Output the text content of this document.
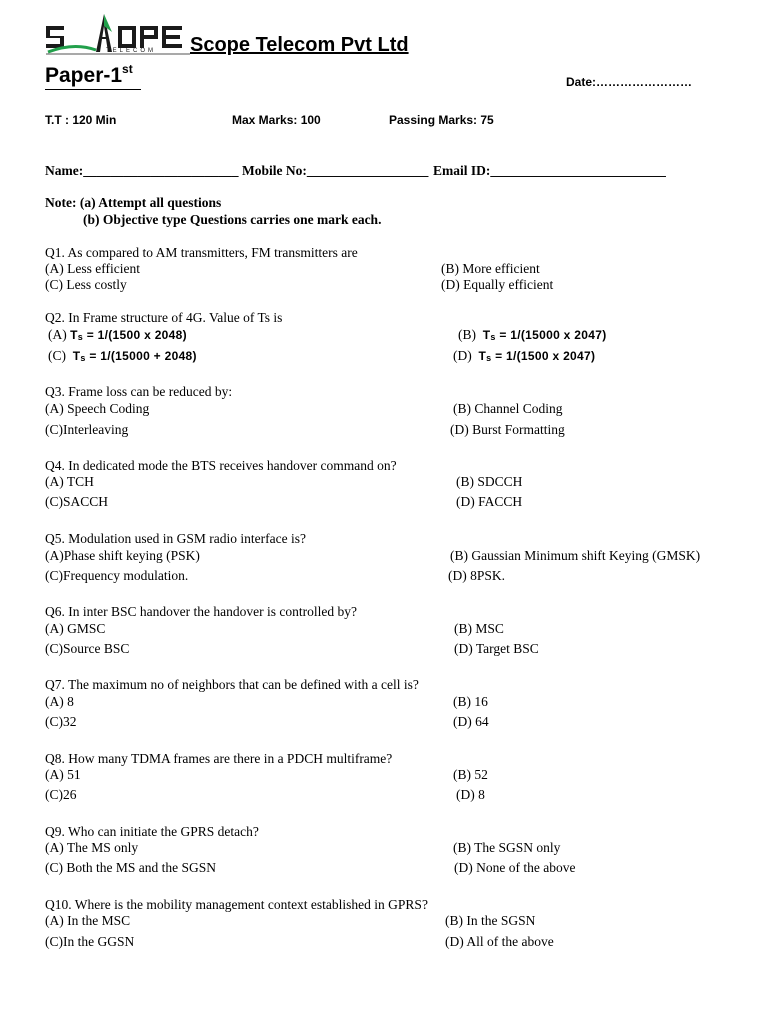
TELECOM Scope Telecom Pvt Ltd
Paper-1st
Date:……………………
T.T : 120 Min	Max Marks: 100	Passing Marks: 75
Name:_______________________ Mobile No:__________________ Email ID:__________________________
Note: (a) Attempt all questions
(b) Objective type Questions carries one mark each.
Q1. As compared to AM transmitters, FM transmitters are
(A) Less efficient	(B) More efficient
(C) Less costly	(D) Equally efficient
Q2. In Frame structure of 4G. Value of Ts is
(A) Ts = 1/(1500 x 2048)	(B) Ts = 1/(15000 x 2047)
(C) Ts = 1/(15000 + 2048)	(D) Ts = 1/(1500 x 2047)
Q3. Frame loss can be reduced by:
(A) Speech Coding	(B) Channel Coding
(C)Interleaving	(D) Burst Formatting
Q4. In dedicated mode the BTS receives handover command on?
(A) TCH	(B) SDCCH
(C)SACCH	(D) FACCH
Q5. Modulation used in GSM radio interface is?
(A)Phase shift keying (PSK)	(B) Gaussian Minimum shift Keying (GMSK)
(C)Frequency modulation.	(D) 8PSK.
Q6. In inter BSC handover the handover is controlled by?
(A) GMSC	(B) MSC
(C)Source BSC	(D) Target BSC
Q7. The maximum no of neighbors that can be defined with a cell is?
(A) 8	(B) 16
(C)32	(D) 64
Q8. How many TDMA frames are there in a PDCH multiframe?
(A) 51	(B) 52
(C)26	(D) 8
Q9. Who can initiate the GPRS detach?
(A) The MS only	(B) The SGSN only
(C) Both the MS and the SGSN	(D) None of the above
Q10. Where is the mobility management context established in GPRS?
(A) In the MSC	(B) In the SGSN
(C)In the GGSN	(D) All of the above
